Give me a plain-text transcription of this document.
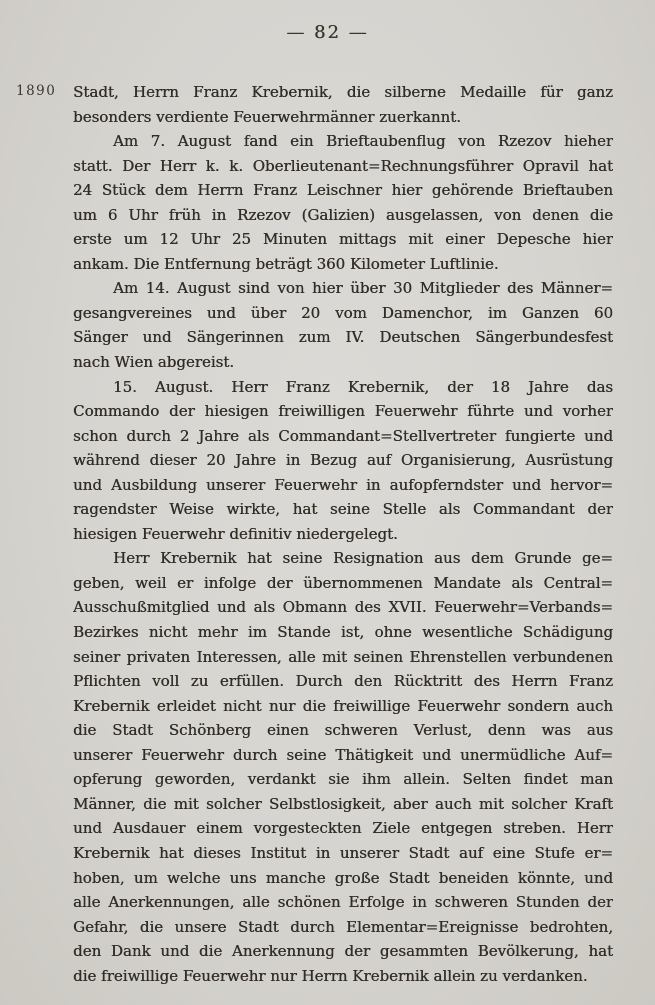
— 82 —
1890 Stadt, Herrn Franz Krebernik, die silberne Medaille für ganz
besonders verdiente Feuerwehrmänner zuerkannt.
Am 7. August fand ein Brieftaubenflug von Rzezov hieher
statt. Der Herr k. k. Oberlieutenant=Rechnungsführer Opravil hat
24 Stück dem Herrn Franz Leischner hier gehörende Brieftauben
um 6 Uhr früh in Rzezov (Galizien) ausgelassen, von denen die
erste um 12 Uhr 25 Minuten mittags mit einer Depesche hier
ankam. Die Entfernung beträgt 360 Kilometer Luftlinie.
Am 14. August sind von hier über 30 Mitglieder des Männer=
gesangvereines und über 20 vom Damenchor, im Ganzen 60
Sänger und Sängerinnen zum IV. Deutschen Sängerbundesfest
nach Wien abgereist.
15. August. Herr Franz Krebernik, der 18 Jahre das
Commando der hiesigen freiwilligen Feuerwehr führte und vorher
schon durch 2 Jahre als Commandant=Stellvertreter fungierte und
während dieser 20 Jahre in Bezug auf Organisierung, Ausrüstung
und Ausbildung unserer Feuerwehr in aufopferndster und hervor=
ragendster Weise wirkte, hat seine Stelle als Commandant der
hiesigen Feuerwehr definitiv niedergelegt.
Herr Krebernik hat seine Resignation aus dem Grunde ge=
geben, weil er infolge der übernommenen Mandate als Central=
Ausschußmitglied und als Obmann des XVII. Feuerwehr=Verbands=
Bezirkes nicht mehr im Stande ist, ohne wesentliche Schädigung
seiner privaten Interessen, alle mit seinen Ehrenstellen verbundenen
Pflichten voll zu erfüllen. Durch den Rücktritt des Herrn Franz
Krebernik erleidet nicht nur die freiwillige Feuerwehr sondern auch
die Stadt Schönberg einen schweren Verlust, denn was aus
unserer Feuerwehr durch seine Thätigkeit und unermüdliche Auf=
opferung geworden, verdankt sie ihm allein. Selten findet man
Männer, die mit solcher Selbstlosigkeit, aber auch mit solcher Kraft
und Ausdauer einem vorgesteckten Ziele entgegen streben. Herr
Krebernik hat dieses Institut in unserer Stadt auf eine Stufe er=
hoben, um welche uns manche große Stadt beneiden könnte, und
alle Anerkennungen, alle schönen Erfolge in schweren Stunden der
Gefahr, die unsere Stadt durch Elementar=Ereignisse bedrohten,
den Dank und die Anerkennung der gesammten Bevölkerung, hat
die freiwillige Feuerwehr nur Herrn Krebernik allein zu verdanken.
